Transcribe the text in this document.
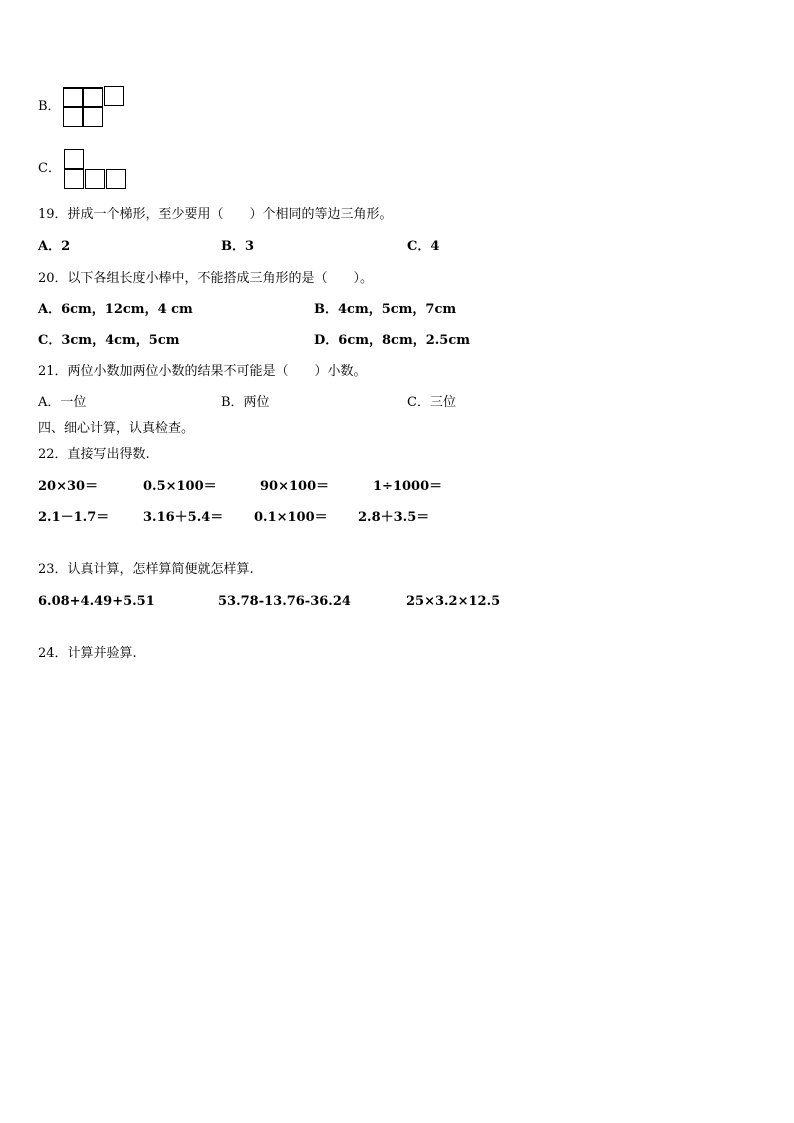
B．
C．
19．拼成一个梯形，至少要用（　　）个相同的等边三角形。
A．2	B．3	C．4
20．以下各组长度小棒中，不能搭成三角形的是（　　）。
A．6cm，12cm，4 cm	B．4cm，5cm，7cm
C．3cm，4cm，5cm	D．6cm，8cm，2.5cm
21．两位小数加两位小数的结果不可能是（　　）小数。
A．一位	B．两位	C．三位
四、细心计算，认真检查。
22．直接写出得数.
20×30＝	0.5×100＝	90×100＝	1÷1000＝
2.1－1.7＝	3.16＋5.4＝ 0.1×100＝ 2.8＋3.5＝
23．认真计算，怎样算简便就怎样算.
6.08+4.49+5.51	53.78-13.76-36.24	25×3.2×12.5
24．计算并验算.
